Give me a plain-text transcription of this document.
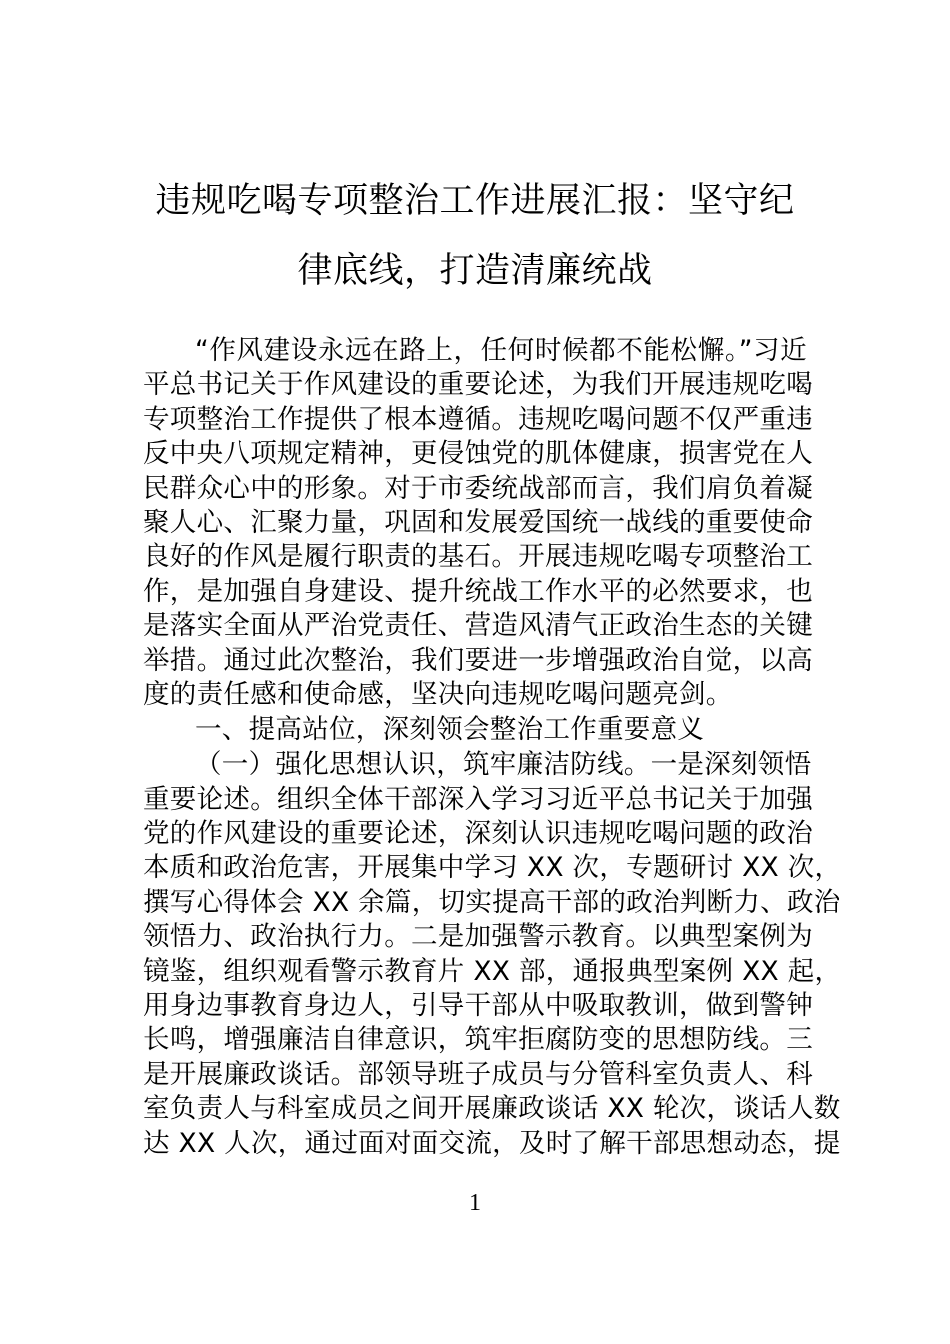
违规吃喝专项整治工作进展汇报：坚守纪
律底线，打造清廉统战
“作风建设永远在路上，任何时候都不能松懈。”习近
平总书记关于作风建设的重要论述，为我们开展违规吃喝
专项整治工作提供了根本遵循。违规吃喝问题不仅严重违
反中央八项规定精神，更侵蚀党的肌体健康，损害党在人
民群众心中的形象。对于市委统战部而言，我们肩负着凝
聚人心、汇聚力量，巩固和发展爱国统一战线的重要使命
良好的作风是履行职责的基石。开展违规吃喝专项整治工
作，是加强自身建设、提升统战工作水平的必然要求，也
是落实全面从严治党责任、营造风清气正政治生态的关键
举措。通过此次整治，我们要进一步增强政治自觉，以高
度的责任感和使命感，坚决向违规吃喝问题亮剑。
一、提高站位，深刻领会整治工作重要意义
（一）强化思想认识，筑牢廉洁防线。一是深刻领悟
重要论述。组织全体干部深入学习习近平总书记关于加强
党的作风建设的重要论述，深刻认识违规吃喝问题的政治
本质和政治危害，开展集中学习 XX 次，专题研讨 XX 次，
撰写心得体会 XX 余篇，切实提高干部的政治判断力、政治
领悟力、政治执行力。二是加强警示教育。以典型案例为
镜鉴，组织观看警示教育片 XX 部，通报典型案例 XX 起，
用身边事教育身边人，引导干部从中吸取教训，做到警钟
长鸣，增强廉洁自律意识，筑牢拒腐防变的思想防线。三
是开展廉政谈话。部领导班子成员与分管科室负责人、科
室负责人与科室成员之间开展廉政谈话 XX 轮次，谈话人数
达 XX 人次，通过面对面交流，及时了解干部思想动态，提
1
